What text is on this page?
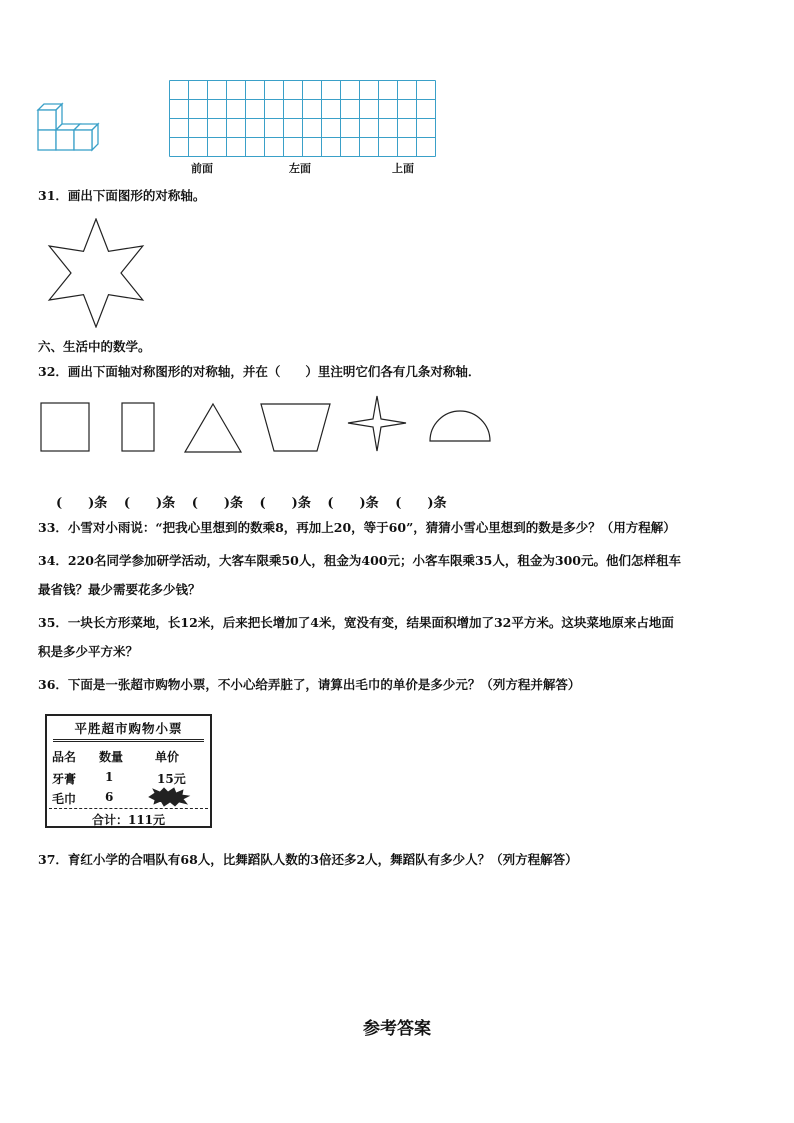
前面	左面	上面
31．画出下面图形的对称轴。
六、生活中的数学。
32．画出下面轴对称图形的对称轴，并在（　　）里注明它们各有几条对称轴．
(　　)条 (　　)条 (　　)条 (　　)条 (　　)条 (　　)条
33．小雪对小雨说：“把我心里想到的数乘8，再加上20，等于60”，猜猜小雪心里想到的数是多少？（用方程解）
34．220名同学参加研学活动，大客车限乘50人，租金为400元；小客车限乘35人，租金为300元。他们怎样租车
最省钱？最少需要花多少钱？
35．一块长方形菜地，长12米，后来把长增加了4米，宽没有变，结果面积增加了32平方米。这块菜地原来占地面
积是多少平方米？
36．下面是一张超市购物小票，不小心给弄脏了，请算出毛巾的单价是多少元？（列方程并解答）
平胜超市购物小票
品名 数量	单价
牙膏 1	15元
毛巾 6
合计：111元
37．育红小学的合唱队有68人，比舞蹈队人数的3倍还多2人，舞蹈队有多少人？（列方程解答）
参考答案
